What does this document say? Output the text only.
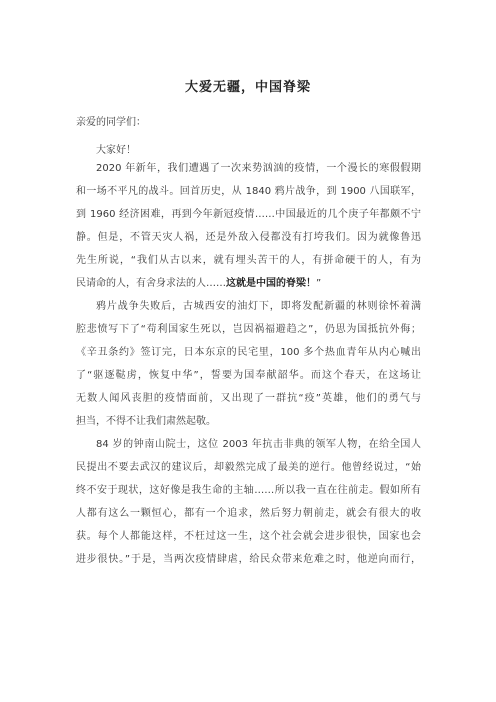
大爱无疆，中国脊梁
亲爱的同学们：
大家好！
2020 年新年，我们遭遇了一次来势汹汹的疫情，一个漫长的寒假假期
和一场不平凡的战斗。回首历史，从 1840 鸦片战争，到 1900 八国联军，
到 1960 经济困难，再到今年新冠疫情……中国最近的几个庚子年都颇不宁
静。但是，不管天灾人祸，还是外敌入侵都没有打垮我们。因为就像鲁迅
先生所说，“我们从古以来，就有埋头苦干的人，有拼命硬干的人，有为
民请命的人，有舍身求法的人……这就是中国的脊梁！”
鸦片战争失败后，古城西安的油灯下，即将发配新疆的林则徐怀着满
腔悲愤写下了“苟利国家生死以，岂因祸福避趋之”，仍思为国抵抗外侮；
《辛丑条约》签订完，日本东京的民宅里，100 多个热血青年从内心喊出
了“驱逐鞑虏，恢复中华”，誓要为国奉献韶华。而这个春天，在这场让
无数人闻风丧胆的疫情面前，又出现了一群抗“疫”英雄，他们的勇气与
担当，不得不让我们肃然起敬。
84 岁的钟南山院士，这位 2003 年抗击非典的领军人物，在给全国人
民提出不要去武汉的建议后，却毅然完成了最美的逆行。他曾经说过，“始
终不安于现状，这好像是我生命的主轴……所以我一直在往前走。假如所有
人都有这么一颗恒心，都有一个追求，然后努力朝前走，就会有很大的收
获。每个人都能这样，不枉过这一生，这个社会就会进步很快，国家也会
进步很快。”于是，当两次疫情肆虐，给民众带来危难之时，他逆向而行，
